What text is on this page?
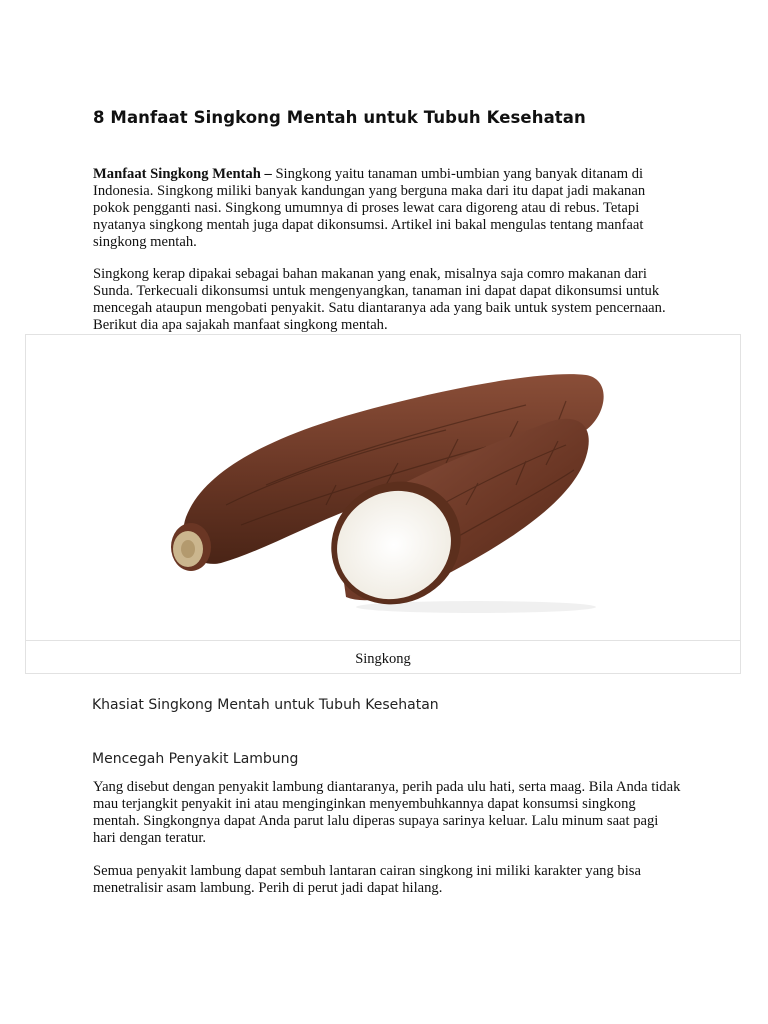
8 Manfaat Singkong Mentah untuk Tubuh Kesehatan

Manfaat Singkong Mentah – Singkong yaitu tanaman umbi-umbian yang banyak ditanam di Indonesia. Singkong miliki banyak kandungan yang berguna maka dari itu dapat jadi makanan pokok pengganti nasi. Singkong umumnya di proses lewat cara digoreng atau di rebus. Tetapi nyatanya singkong mentah juga dapat dikonsumsi. Artikel ini bakal mengulas tentang manfaat singkong mentah.

Singkong kerap dipakai sebagai bahan makanan yang enak, misalnya saja comro makanan dari Sunda. Terkecuali dikonsumsi untuk mengenyangkan, tanaman ini dapat dapat dikonsumsi untuk mencegah ataupun mengobati penyakit. Satu diantaranya ada yang baik untuk system pencernaan. Berikut dia apa sajakah manfaat singkong mentah.

Singkong
Khasiat Singkong Mentah untuk Tubuh Kesehatan
Mencegah Penyakit Lambung

Yang disebut dengan penyakit lambung diantaranya, perih pada ulu hati, serta maag. Bila Anda tidak mau terjangkit penyakit ini atau menginginkan menyembuhkannya dapat konsumsi singkong mentah. Singkongnya dapat Anda parut lalu diperas supaya sarinya keluar. Lalu minum saat pagi hari dengan teratur.

Semua penyakit lambung dapat sembuh lantaran cairan singkong ini miliki karakter yang bisa menetralisir asam lambung. Perih di perut jadi dapat hilang.
